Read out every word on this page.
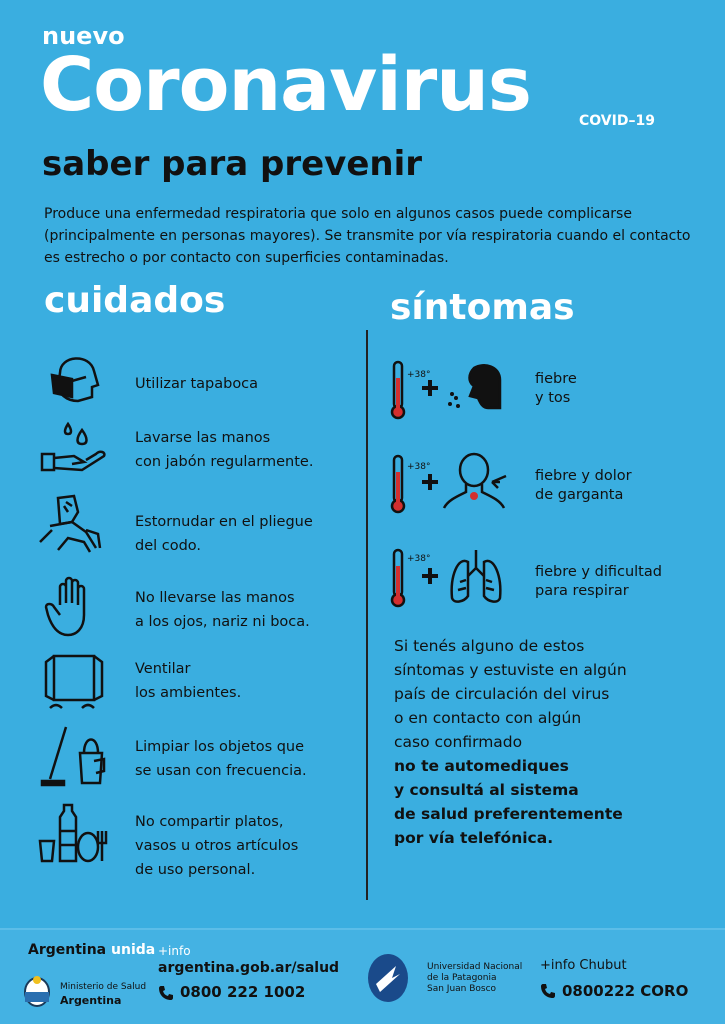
nuevo
Coronavirus	COVID–19
saber para prevenir
Produce una enfermedad respiratoria que solo en algunos casos puede complicarse (principalmente en personas mayores). Se transmite por vía respiratoria cuando el contacto es estrecho o por contacto con superficies contaminadas.
cuidados	síntomas
Utilizar tapaboca
Lavarse las manos
con jabón regularmente.
Estornudar en el pliegue
del codo.
No llevarse las manos
a los ojos, nariz ni boca.
Ventilar
los ambientes.
Limpiar los objetos que
se usan con frecuencia.
No compartir platos,
vasos u otros artículos
de uso personal.
+38°	fiebre
y tos
+38°
fiebre y dolor
de garganta
+38°
fiebre y dificultad
para respirar
Si tenés alguno de estos
síntomas y estuviste en algún
país de circulación del virus
o en contacto con algún
caso confirmado
no te automediques
y consultá al sistema
de salud preferentemente
por vía telefónica.
Argentina unida
Ministerio de Salud
Argentina
+info
argentina.gob.ar/salud
0800 222 1002
Universidad Nacional
de la Patagonia
San Juan Bosco
+info Chubut
0800222 CORO
